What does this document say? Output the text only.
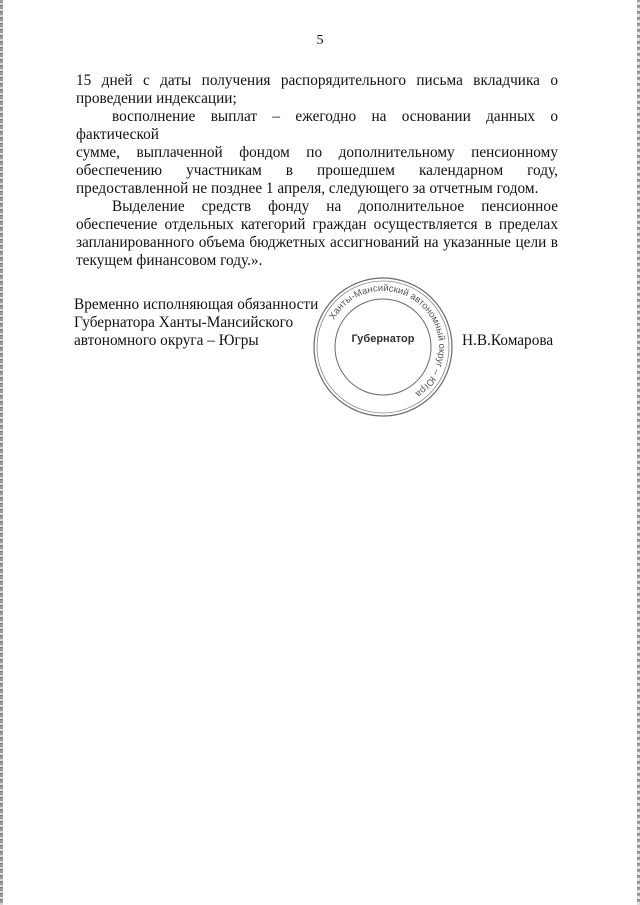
5

15 дней с даты получения распорядительного письма вкладчика о
проведении индексации;

восполнение выплат – ежегодно на основании данных о фактической
сумме, выплаченной фондом по дополнительному пенсионному
обеспечению участникам в прошедшем календарном году,
предоставленной не позднее 1 апреля, следующего за отчетным годом.

Выделение средств фонду на дополнительное пенсионное
обеспечение отдельных категорий граждан осуществляется в пределах
запланированного объема бюджетных ассигнований на указанные цели в
текущем финансовом году.».

Временно исполняющая обязанности
Губернатора Ханты-Мансийского
автономного округа – Югры
Ханты-Мансийский автономный округ – Югра
Губернатор	Н.В.Комарова
